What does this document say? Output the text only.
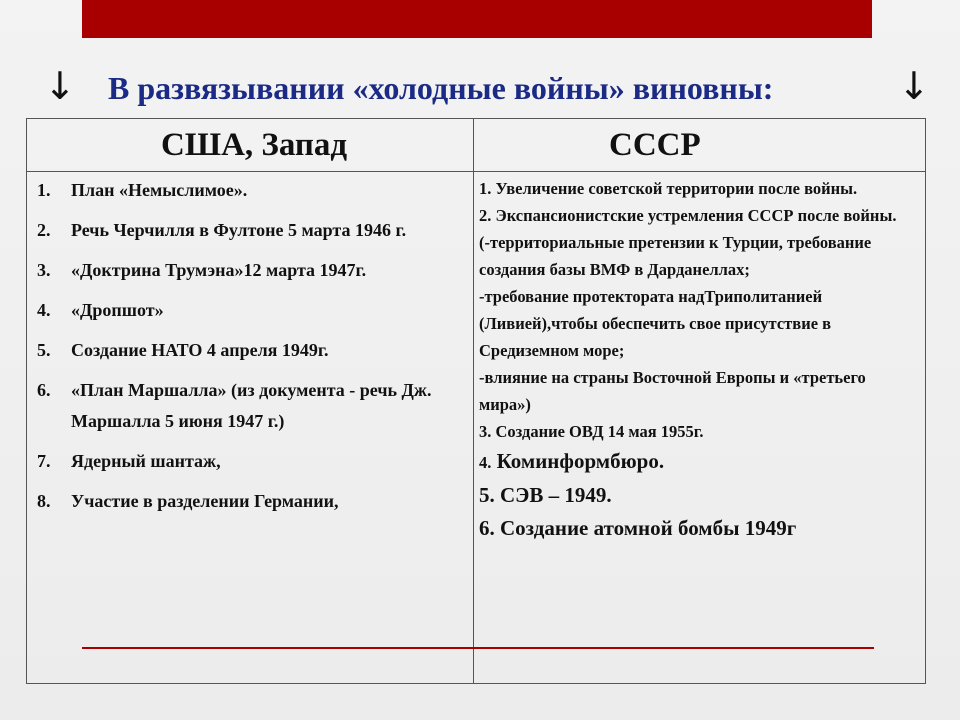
↓ В развязывании «холодные войны» виновны:	↓
США, Запад	СССР
1. План «Немыслимое».
2. Речь Черчилля в Фултоне 5 марта 1946 г.
3. «Доктрина Трумэна»12 марта 1947г.
4. «Дропшот»
5. Создание НАТО 4 апреля 1949г.
6. «План Маршалла» (из документа - речь Дж. Маршалла 5 июня 1947 г.)
7. Ядерный шантаж,
8. Участие в разделении Германии,

1. Увеличение советской территории после войны.

2. Экспансионистские устремления СССР после войны.

(-территориальные претензии к Турции, требование создания базы ВМФ в Дарданеллах;

-требование протектората надТриполитанией (Ливией),чтобы обеспечить свое присутствие в Средиземном море;

-влияние на страны Восточной Европы и «третьего мира»)

3. Создание ОВД 14 мая 1955г.

4. Коминформбюро.

5. СЭВ – 1949.

6. Создание атомной бомбы 1949г
